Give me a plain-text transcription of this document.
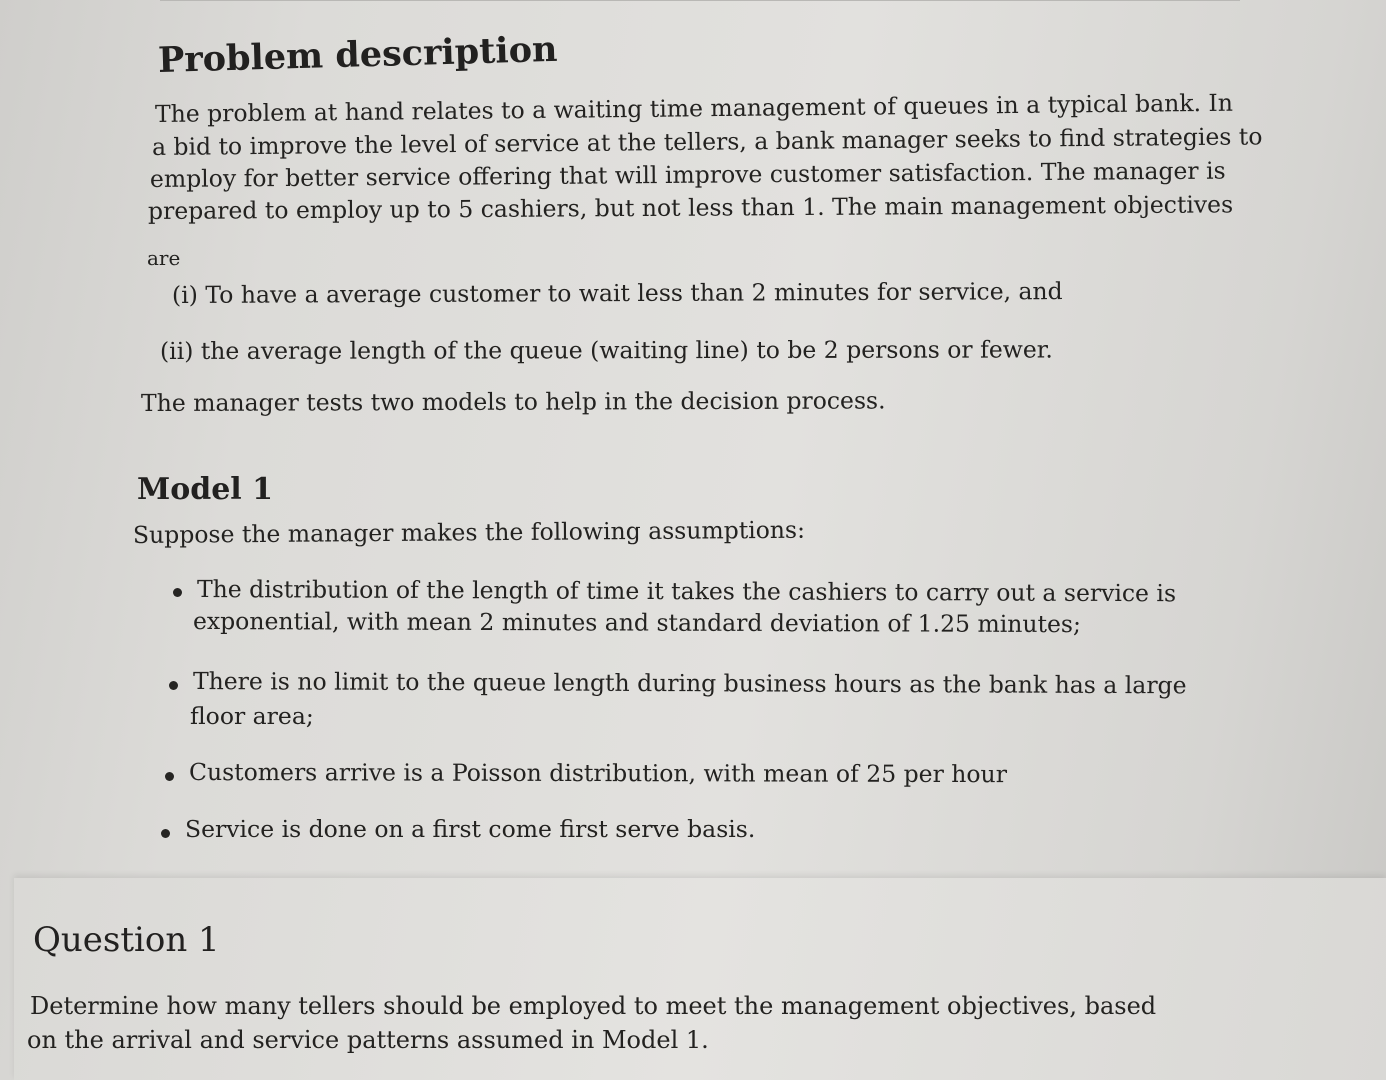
Problem description
The problem at hand relates to a waiting time management of queues in a typical bank. In
a bid to improve the level of service at the tellers, a bank manager seeks to find strategies to
employ for better service offering that will improve customer satisfaction. The manager is
prepared to employ up to 5 cashiers, but not less than 1. The main management objectives
are
(i) To have a average customer to wait less than 2 minutes for service, and
(ii) the average length of the queue (waiting line) to be 2 persons or fewer.
The manager tests two models to help in the decision process.
Model 1
Suppose the manager makes the following assumptions:
The distribution of the length of time it takes the cashiers to carry out a service is
exponential, with mean 2 minutes and standard deviation of 1.25 minutes;
There is no limit to the queue length during business hours as the bank has a large
floor area;
Customers arrive is a Poisson distribution, with mean of 25 per hour
Service is done on a first come first serve basis.
Question 1
Determine how many tellers should be employed to meet the management objectives, based
on the arrival and service patterns assumed in Model 1.
